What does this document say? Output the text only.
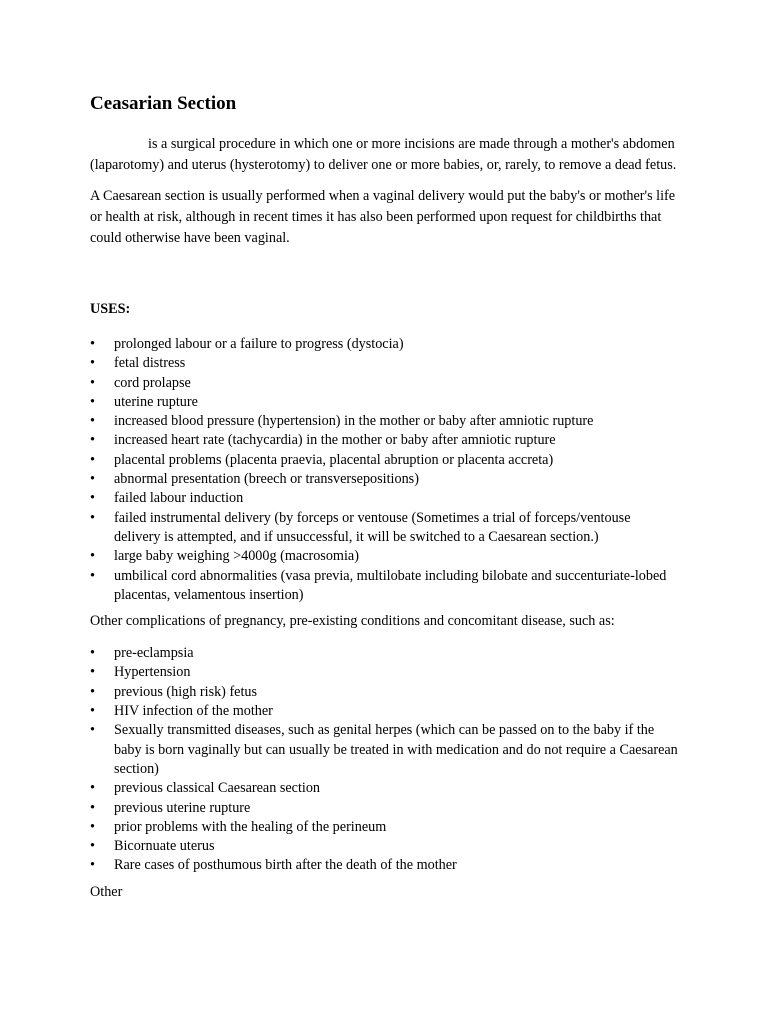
Ceasarian Section

is a surgical procedure in which one or more incisions are made through a mother's abdomen (laparotomy) and uterus (hysterotomy) to deliver one or more babies, or, rarely, to remove a dead fetus.

A Caesarean section is usually performed when a vaginal delivery would put the baby's or mother's life or health at risk, although in recent times it has also been performed upon request for childbirths that could otherwise have been vaginal.

USES:

•	prolonged labour or a failure to progress (dystocia)
•	fetal distress
•	cord prolapse
•	uterine rupture
•	increased blood pressure (hypertension) in the mother or baby after amniotic rupture
•	increased heart rate (tachycardia) in the mother or baby after amniotic rupture
•	placental problems (placenta praevia, placental abruption or placenta accreta)
•	abnormal presentation (breech or transversepositions)
•	failed labour induction
•	failed instrumental delivery (by forceps or ventouse (Sometimes a trial of forceps/ventouse delivery is attempted, and if unsuccessful, it will be switched to a Caesarean section.)
•	large baby weighing >4000g (macrosomia)
•	umbilical cord abnormalities (vasa previa, multilobate including bilobate and succenturiate-lobed placentas, velamentous insertion)

Other complications of pregnancy, pre-existing conditions and concomitant disease, such as:

•	pre-eclampsia
•	Hypertension
•	previous (high risk) fetus
•	HIV infection of the mother
•	Sexually transmitted diseases, such as genital herpes (which can be passed on to the baby if the baby is born vaginally but can usually be treated in with medication and do not require a Caesarean section)
•	previous classical Caesarean section
•	previous uterine rupture
•	prior problems with the healing of the perineum
•	Bicornuate uterus
•	Rare cases of posthumous birth after the death of the mother

Other
